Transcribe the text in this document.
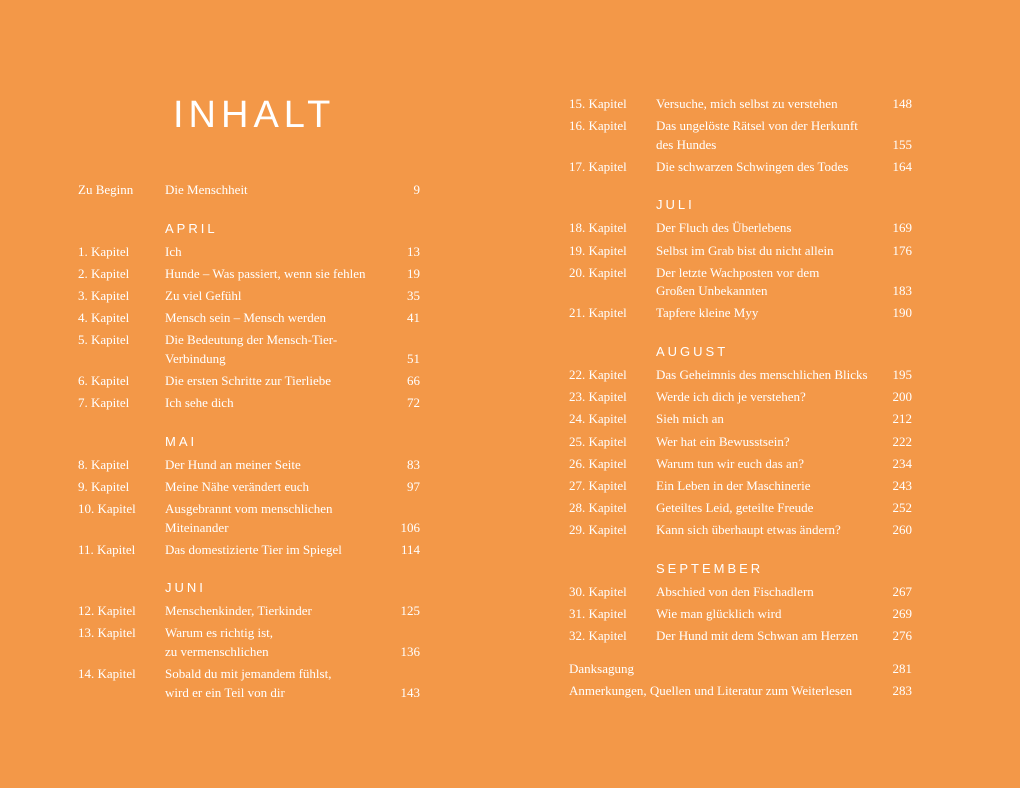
INHALT
Zu Beginn Die Menschheit	9
APRIL
1. Kapitel	Ich	13
2. Kapitel	Hunde – Was passiert, wenn sie fehlen	19
3. Kapitel	Zu viel Gefühl	35
4. Kapitel	Mensch sein – Mensch werden	41
5. Kapitel	Die Bedeutung der Mensch-Tier-
Verbindung	51
6. Kapitel	Die ersten Schritte zur Tierliebe	66
7. Kapitel	Ich sehe dich	72
MAI
8. Kapitel	Der Hund an meiner Seite	83
9. Kapitel	Meine Nähe verändert euch	97
10. Kapitel Ausgebrannt vom menschlichen
Miteinander	106
11. Kapitel Das domestizierte Tier im Spiegel	114
JUNI
12. Kapitel Menschenkinder, Tierkinder	125
13. Kapitel Warum es richtig ist,
zu vermenschlichen	136
14. Kapitel Sobald du mit jemandem fühlst,
wird er ein Teil von dir	143
15. Kapitel Versuche, mich selbst zu verstehen	148
16. Kapitel Das ungelöste Rätsel von der Herkunft
des Hundes	155
17. Kapitel Die schwarzen Schwingen des Todes	164
JULI
18. Kapitel Der Fluch des Überlebens	169
19. Kapitel Selbst im Grab bist du nicht allein	176
20. Kapitel Der letzte Wachposten vor dem
Großen Unbekannten	183
21. Kapitel Tapfere kleine Myy	190
AUGUST
22. Kapitel Das Geheimnis des menschlichen Blicks	195
23. Kapitel Werde ich dich je verstehen?	200
24. Kapitel Sieh mich an	212
25. Kapitel Wer hat ein Bewusstsein?	222
26. Kapitel Warum tun wir euch das an?	234
27. Kapitel Ein Leben in der Maschinerie	243
28. Kapitel Geteiltes Leid, geteilte Freude	252
29. Kapitel Kann sich überhaupt etwas ändern?	260
SEPTEMBER
30. Kapitel Abschied von den Fischadlern	267
31. Kapitel Wie man glücklich wird	269
32. Kapitel Der Hund mit dem Schwan am Herzen	276
Danksagung	281
Anmerkungen, Quellen und Literatur zum Weiterlesen	283
